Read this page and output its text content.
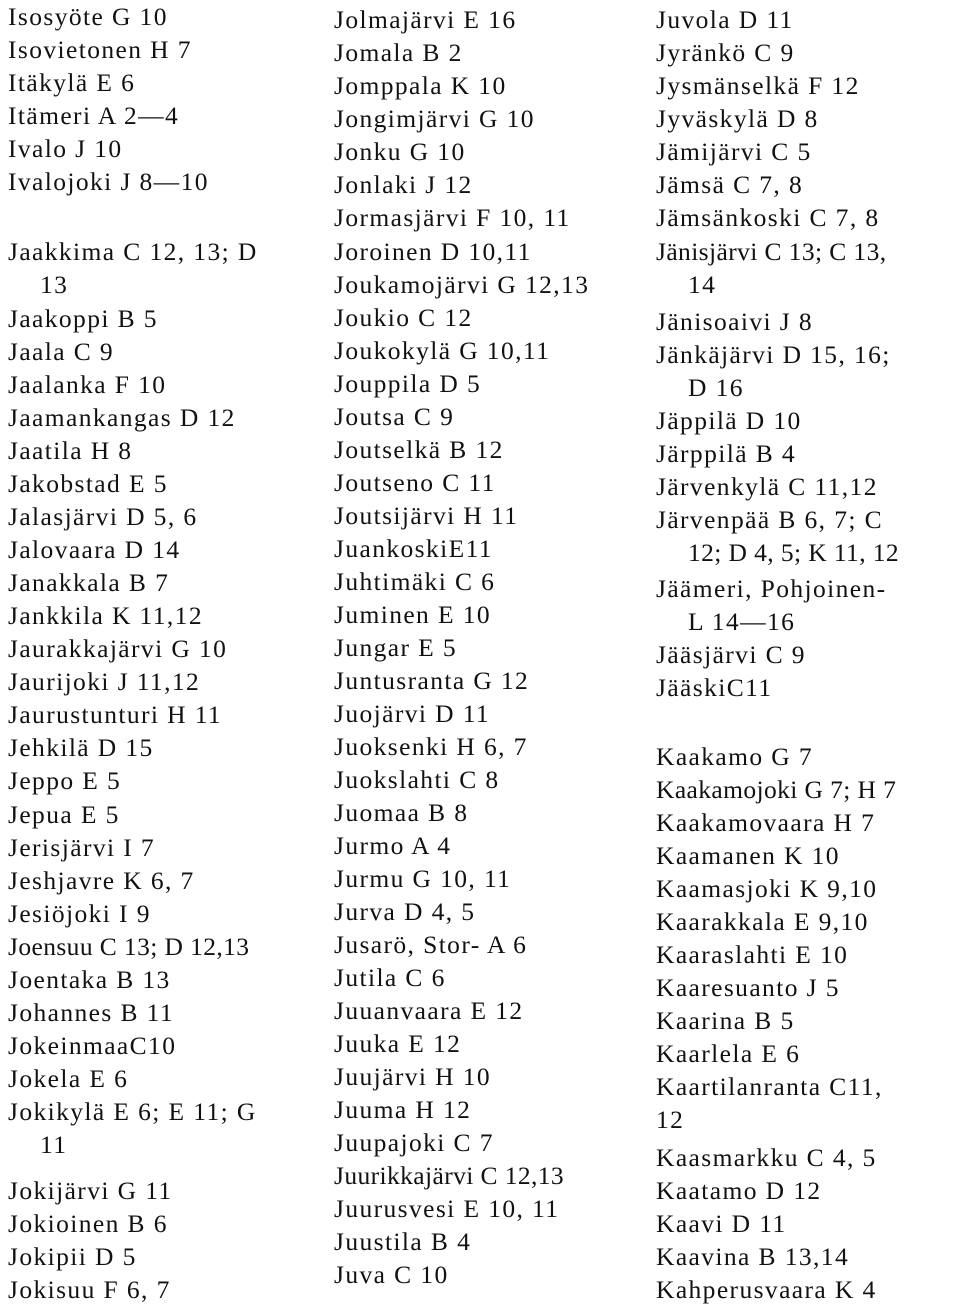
Isosyöte G 10
Isovietonen H 7
Itäkylä E 6
Itämeri A 2—4
Ivalo J 10
Ivalojoki J 8—10
Jaakkima C 12, 13; D
13
Jaakoppi B 5
Jaala C 9
Jaalanka F 10
Jaamankangas D 12
Jaatila H 8
Jakobstad E 5
Jalasjärvi D 5, 6
Jalovaara D 14
Janakkala B 7
Jankkila K 11,12
Jaurakkajärvi G 10
Jaurijoki J 11,12
Jaurustunturi H 11
Jehkilä D 15
Jeppo E 5
Jepua E 5
Jerisjärvi I 7
Jeshjavre K 6, 7
Jesiöjoki I 9
Joensuu C 13; D 12,13
Joentaka B 13
Johannes B 11
JokeinmaaC10
Jokela E 6
Jokikylä E 6; E 11; G
11
Jokijärvi G 11
Jokioinen B 6
Jokipii D 5
Jokisuu F 6, 7
Jolmajärvi E 16
Jomala B 2
Jomppala K 10
Jongimjärvi G 10
Jonku G 10
Jonlaki J 12
Jormasjärvi F 10, 11
Joroinen D 10,11
Joukamojärvi G 12,13
Joukio C 12
Joukokylä G 10,11
Jouppila D 5
Joutsa C 9
Joutselkä B 12
Joutseno C 11
Joutsijärvi H 11
JuankoskiE11
Juhtimäki C 6
Juminen E 10
Jungar E 5
Juntusranta G 12
Juojärvi D 11
Juoksenki H 6, 7
Juokslahti C 8
Juomaa B 8
Jurmo A 4
Jurmu G 10, 11
Jurva D 4, 5
Jusarö, Stor- A 6
Jutila C 6
Juuanvaara E 12
Juuka E 12
Juujärvi H 10
Juuma H 12
Juupajoki C 7
Juurikkajärvi C 12,13
Juurusvesi E 10, 11
Juustila B 4
Juva C 10
Juvola D 11
Jyränkö C 9
Jysmänselkä F 12
Jyväskylä D 8
Jämijärvi C 5
Jämsä C 7, 8
Jämsänkoski C 7, 8
Jänisjärvi C 13; C 13,
14
Jänisoaivi J 8
Jänkäjärvi D 15, 16;
D 16
Jäppilä D 10
Järppilä B 4
Järvenkylä C 11,12
Järvenpää B 6, 7; C
12; D 4, 5; K 11, 12
Jäämeri, Pohjoinen-
L 14—16
Jääsjärvi C 9
JääskiC11
Kaakamo G 7
Kaakamojoki G 7; H 7
Kaakamovaara H 7
Kaamanen K 10
Kaamasjoki K 9,10
Kaarakkala E 9,10
Kaaraslahti E 10
Kaaresuanto J 5
Kaarina B 5
Kaarlela E 6
Kaartilanranta C11,
12
Kaasmarkku C 4, 5
Kaatamo D 12
Kaavi D 11
Kaavina B 13,14
Kahperusvaara K 4
